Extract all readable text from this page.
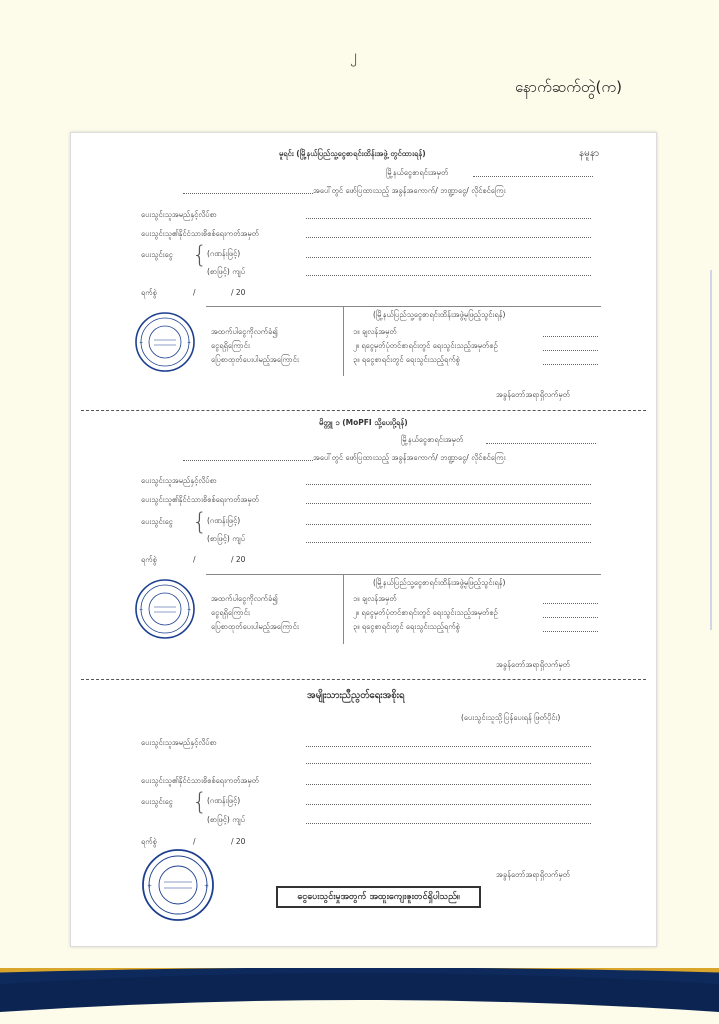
၂
နောက်ဆက်တွဲ(က)
မူရင်း (မြို့နယ်ပြည်သူ့ငွေစာရင်းထိန်းအဖွဲ့ တွင်ထားရန်)	နမူနာ
မြို့နယ်ငွေစာရင်းအမှတ်
အပေါ်တွင် ဖော်ပြထားသည့် အခွန်အကောက်/ ဘဏ္ဍာငွေ/ လိုင်စင်ကြေး
ပေးသွင်းသူအမည်နှင့်လိပ်စာ
ပေးသွင်းသူ၏နိုင်ငံသားစိစစ်ရေးကတ်အမှတ်
ပေးသွင်းငွေ { (ဂဏန်းဖြင့်)
(စာဖြင့်) ကျပ်
ရက်စွဲ	/	/ 20
+	+
အထက်ပါငွေကိုလက်ခံ၍
ငွေရရှိကြောင်း
ပြေစာထုတ်ပေးပါမည့်အကြောင်း
(မြို့နယ်ပြည်သူ့ငွေစာရင်းထိန်းအဖွဲ့မှဖြည့်သွင်းရန်)
၁။ ချလန်အမှတ်
၂။ ရငွေမှတ်ပုံတင်စာရင်းတွင် ရေးသွင်းသည့်အမှတ်စဉ်
၃။ ရငွေစာရင်းတွင် ရေးသွင်းသည့်ရက်စွဲ
အခွန်တော်အရာရှိလက်မှတ်
မိတ္တူ ၁ (MoPFI သို့ပေးပို့ရန်)
မြို့နယ်ငွေစာရင်းအမှတ်
အပေါ်တွင် ဖော်ပြထားသည့် အခွန်အကောက်/ ဘဏ္ဍာငွေ/ လိုင်စင်ကြေး
ပေးသွင်းသူအမည်နှင့်လိပ်စာ
ပေးသွင်းသူ၏နိုင်ငံသားစိစစ်ရေးကတ်အမှတ်
ပေးသွင်းငွေ { (ဂဏန်းဖြင့်)
(စာဖြင့်) ကျပ်
ရက်စွဲ	/	/ 20
+	+
အထက်ပါငွေကိုလက်ခံ၍
ငွေရရှိကြောင်း
ပြေစာထုတ်ပေးပါမည့်အကြောင်း
(မြို့နယ်ပြည်သူ့ငွေစာရင်းထိန်းအဖွဲ့မှဖြည့်သွင်းရန်)
၁။ ချလန်အမှတ်
၂။ ရငွေမှတ်ပုံတင်စာရင်းတွင် ရေးသွင်းသည့်အမှတ်စဉ်
၃။ ရငွေစာရင်းတွင် ရေးသွင်းသည့်ရက်စွဲ
အခွန်တော်အရာရှိလက်မှတ်
အမျိုးသားညီညွတ်ရေးအစိုးရ
(ပေးသွင်းသူသို့ပြန်ပေးရန် ဖြတ်ပိုင်း)
ပေးသွင်းသူအမည်နှင့်လိပ်စာ
ပေးသွင်းသူ၏နိုင်ငံသားစိစစ်ရေးကတ်အမှတ်
ပေးသွင်းငွေ { (ဂဏန်းဖြင့်)
(စာဖြင့်) ကျပ်
ရက်စွဲ	/	/ 20
+	+
အခွန်တော်အရာရှိလက်မှတ်
ငွေပေးသွင်းမှုအတွက် အထူးကျေးဇူးတင်ရှိပါသည်။
